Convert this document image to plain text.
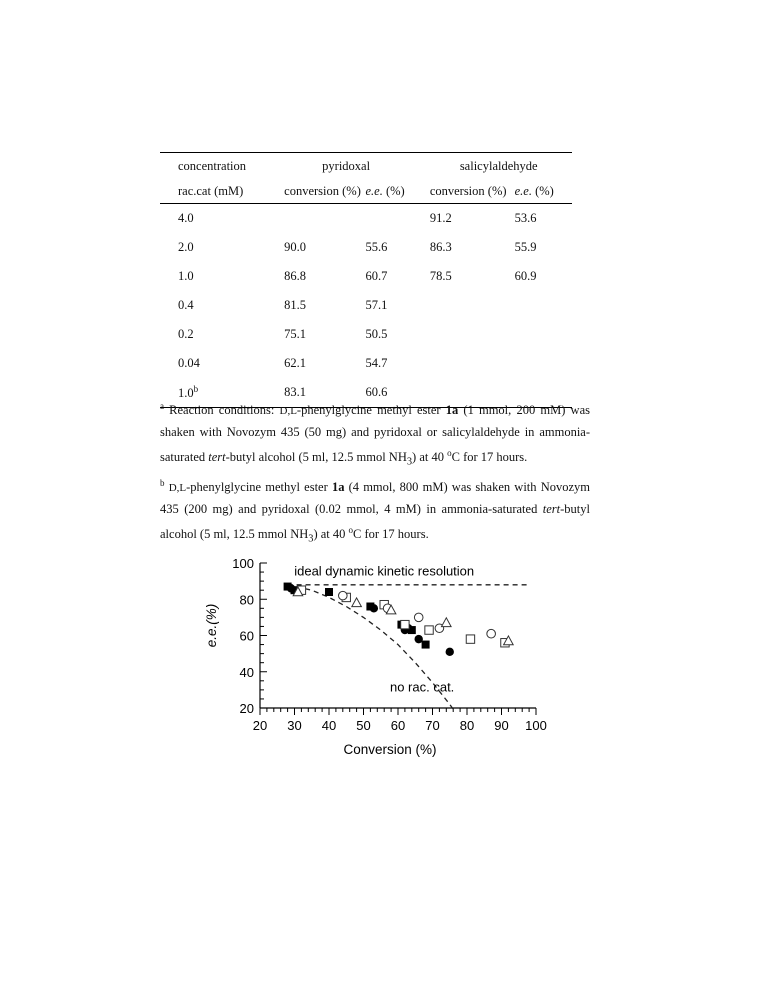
concentration	pyridoxal		salicylaldehyde	
rac.cat (mM)	conversion (%)	e.e. (%)	conversion (%)	e.e. (%)
4.0			91.2	53.6
2.0	90.0	55.6	86.3	55.9
1.0	86.8	60.7	78.5	60.9
0.4	81.5	57.1		
0.2	75.1	50.5		
0.04	62.1	54.7		
1.0$^b$	83.1	60.6		

$^a$ Reaction conditions: D,L-phenylglycine methyl ester 1a (1 mmol, 200 mM) was shaken with Novozym 435 (50 mg) and pyridoxal or salicylaldehyde in ammonia-saturated tert-butyl alcohol (5 ml, 12.5 mmol $NH_3$) at 40 $^o$C for 17 hours.

$^b$ D,L-phenylglycine methyl ester 1a (4 mmol, 800 mM) was shaken with Novozym 435 (200 mg) and pyridoxal (0.02 mmol, 4 mM) in ammonia-saturated tert-butyl alcohol (5 ml, 12.5 mmol $NH_3$) at 40 $^o$C for 17 hours.

20
40
60
80
100
20 30 40 50 60 70 80 90 100
Conversion (%)
e.e.(%)
ideal dynamic kinetic resolution
no rac. cat.
